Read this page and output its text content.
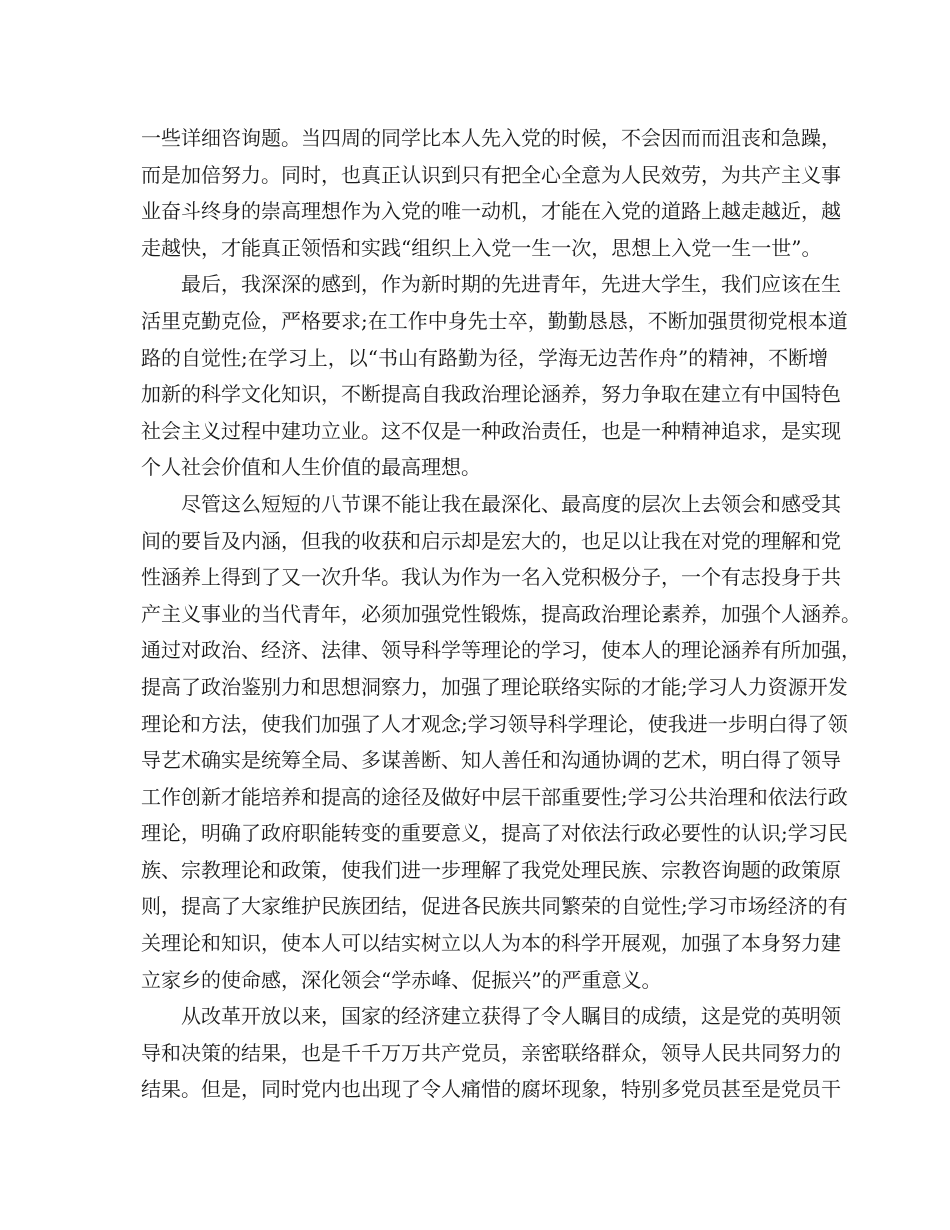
一些详细咨询题。当四周的同学比本人先入党的时候，不会因而而沮丧和急躁，
而是加倍努力。同时，也真正认识到只有把全心全意为人民效劳，为共产主义事
业奋斗终身的崇高理想作为入党的唯一动机，才能在入党的道路上越走越近，越
走越快，才能真正领悟和实践“组织上入党一生一次，思想上入党一生一世”。
最后，我深深的感到，作为新时期的先进青年，先进大学生，我们应该在生
活里克勤克俭，严格要求;在工作中身先士卒，勤勤恳恳，不断加强贯彻党根本道
路的自觉性;在学习上，以“书山有路勤为径，学海无边苦作舟”的精神，不断增
加新的科学文化知识，不断提高自我政治理论涵养，努力争取在建立有中国特色
社会主义过程中建功立业。这不仅是一种政治责任，也是一种精神追求，是实现
个人社会价值和人生价值的最高理想。
尽管这么短短的八节课不能让我在最深化、最高度的层次上去领会和感受其
间的要旨及内涵，但我的收获和启示却是宏大的，也足以让我在对党的理解和党
性涵养上得到了又一次升华。我认为作为一名入党积极分子，一个有志投身于共
产主义事业的当代青年，必须加强党性锻炼，提高政治理论素养，加强个人涵养。
通过对政治、经济、法律、领导科学等理论的学习，使本人的理论涵养有所加强，
提高了政治鉴别力和思想洞察力，加强了理论联络实际的才能;学习人力资源开发
理论和方法，使我们加强了人才观念;学习领导科学理论，使我进一步明白得了领
导艺术确实是统筹全局、多谋善断、知人善任和沟通协调的艺术，明白得了领导
工作创新才能培养和提高的途径及做好中层干部重要性;学习公共治理和依法行政
理论，明确了政府职能转变的重要意义，提高了对依法行政必要性的认识;学习民
族、宗教理论和政策，使我们进一步理解了我党处理民族、宗教咨询题的政策原
则，提高了大家维护民族团结，促进各民族共同繁荣的自觉性;学习市场经济的有
关理论和知识，使本人可以结实树立以人为本的科学开展观，加强了本身努力建
立家乡的使命感，深化领会“学赤峰、促振兴”的严重意义。
从改革开放以来，国家的经济建立获得了令人瞩目的成绩，这是党的英明领
导和决策的结果，也是千千万万共产党员，亲密联络群众，领导人民共同努力的
结果。但是，同时党内也出现了令人痛惜的腐坏现象，特别多党员甚至是党员干
